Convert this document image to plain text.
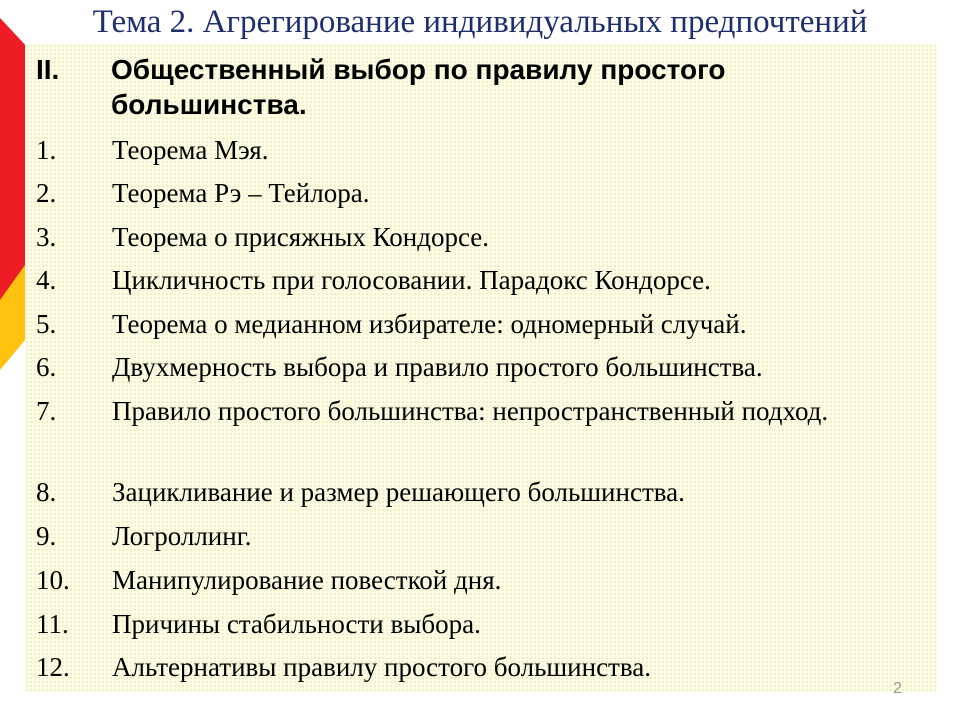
Тема 2. Агрегирование индивидуальных предпочтений
II. Общественный выбор по правилу простого большинства.
1. Теорема Мэя.
2. Теорема Рэ – Тейлора.
3. Теорема о присяжных Кондорсе.
4. Цикличность при голосовании. Парадокс Кондорсе.
5. Теорема о медианном избирателе: одномерный случай.
6. Двухмерность выбора и правило простого большинства.
7. Правило простого большинства: непространственный подход.
8. Зацикливание и размер решающего большинства.
9. Логроллинг.
10. Манипулирование повесткой дня.
11. Причины стабильности выбора.
12. Альтернативы правилу простого большинства.
2
